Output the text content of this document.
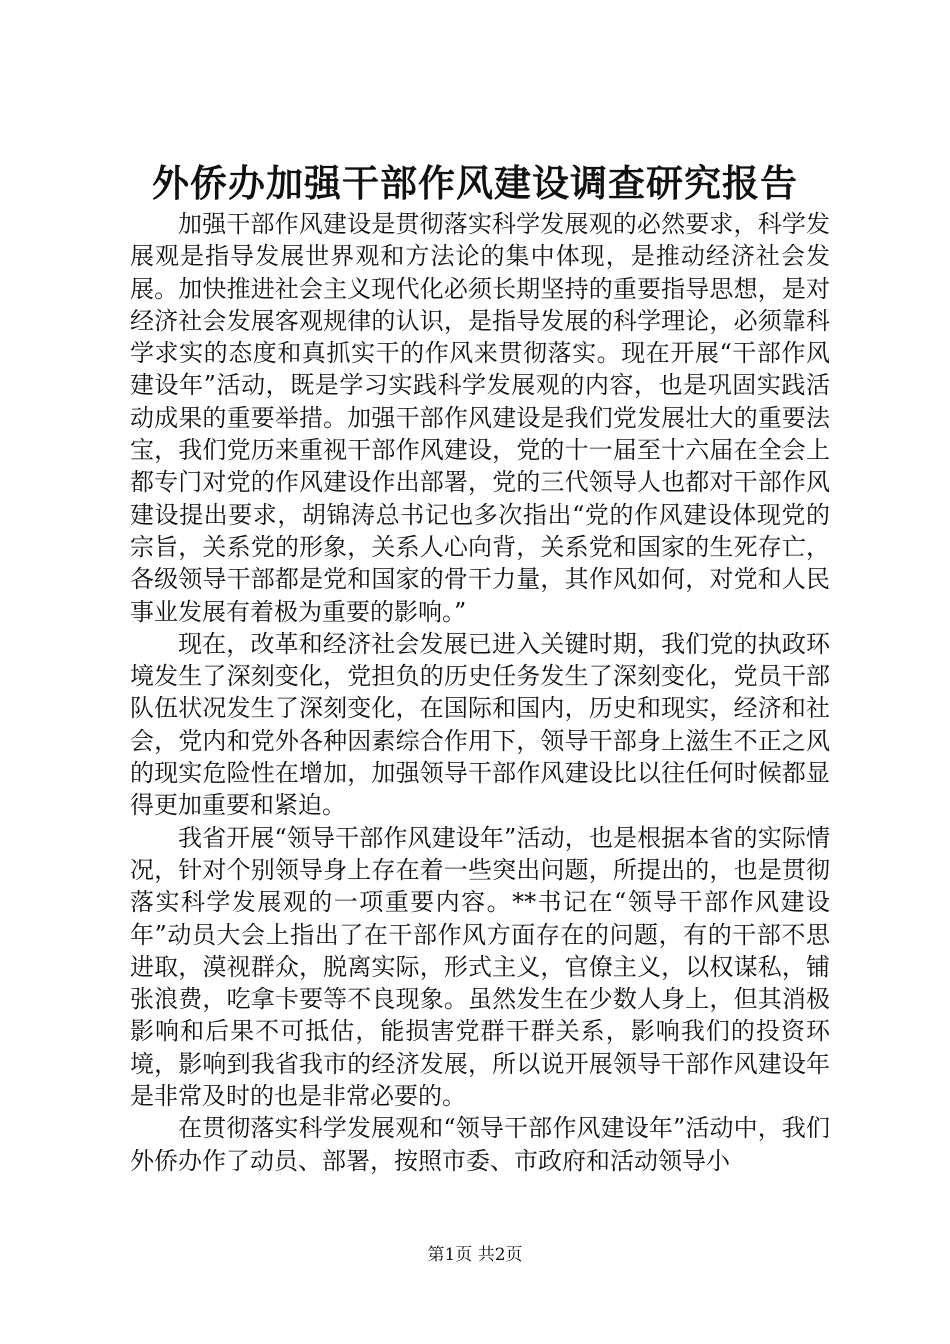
外侨办加强干部作风建设调查研究报告

加强干部作风建设是贯彻落实科学发展观的必然要求，科学发展观是指导发展世界观和方法论的集中体现，是推动经济社会发展。加快推进社会主义现代化必须长期坚持的重要指导思想，是对经济社会发展客观规律的认识，是指导发展的科学理论，必须靠科学求实的态度和真抓实干的作风来贯彻落实。现在开展“干部作风建设年”活动，既是学习实践科学发展观的内容，也是巩固实践活动成果的重要举措。加强干部作风建设是我们党发展壮大的重要法宝，我们党历来重视干部作风建设，党的十一届至十六届在全会上都专门对党的作风建设作出部署，党的三代领导人也都对干部作风建设提出要求，胡锦涛总书记也多次指出“党的作风建设体现党的宗旨，关系党的形象，关系人心向背，关系党和国家的生死存亡，各级领导干部都是党和国家的骨干力量，其作风如何，对党和人民事业发展有着极为重要的影响。”

现在，改革和经济社会发展已进入关键时期，我们党的执政环境发生了深刻变化，党担负的历史任务发生了深刻变化，党员干部队伍状况发生了深刻变化，在国际和国内，历史和现实，经济和社会，党内和党外各种因素综合作用下，领导干部身上滋生不正之风的现实危险性在增加，加强领导干部作风建设比以往任何时候都显得更加重要和紧迫。

我省开展“领导干部作风建设年”活动，也是根据本省的实际情况，针对个别领导身上存在着一些突出问题，所提出的，也是贯彻落实科学发展观的一项重要内容。**书记在“领导干部作风建设年”动员大会上指出了在干部作风方面存在的问题，有的干部不思进取，漠视群众，脱离实际，形式主义，官僚主义，以权谋私，铺张浪费，吃拿卡要等不良现象。虽然发生在少数人身上，但其消极影响和后果不可抵估，能损害党群干群关系，影响我们的投资环境，影响到我省我市的经济发展，所以说开展领导干部作风建设年是非常及时的也是非常必要的。

在贯彻落实科学发展观和“领导干部作风建设年”活动中，我们外侨办作了动员、部署，按照市委、市政府和活动领导小

第1页 共2页
